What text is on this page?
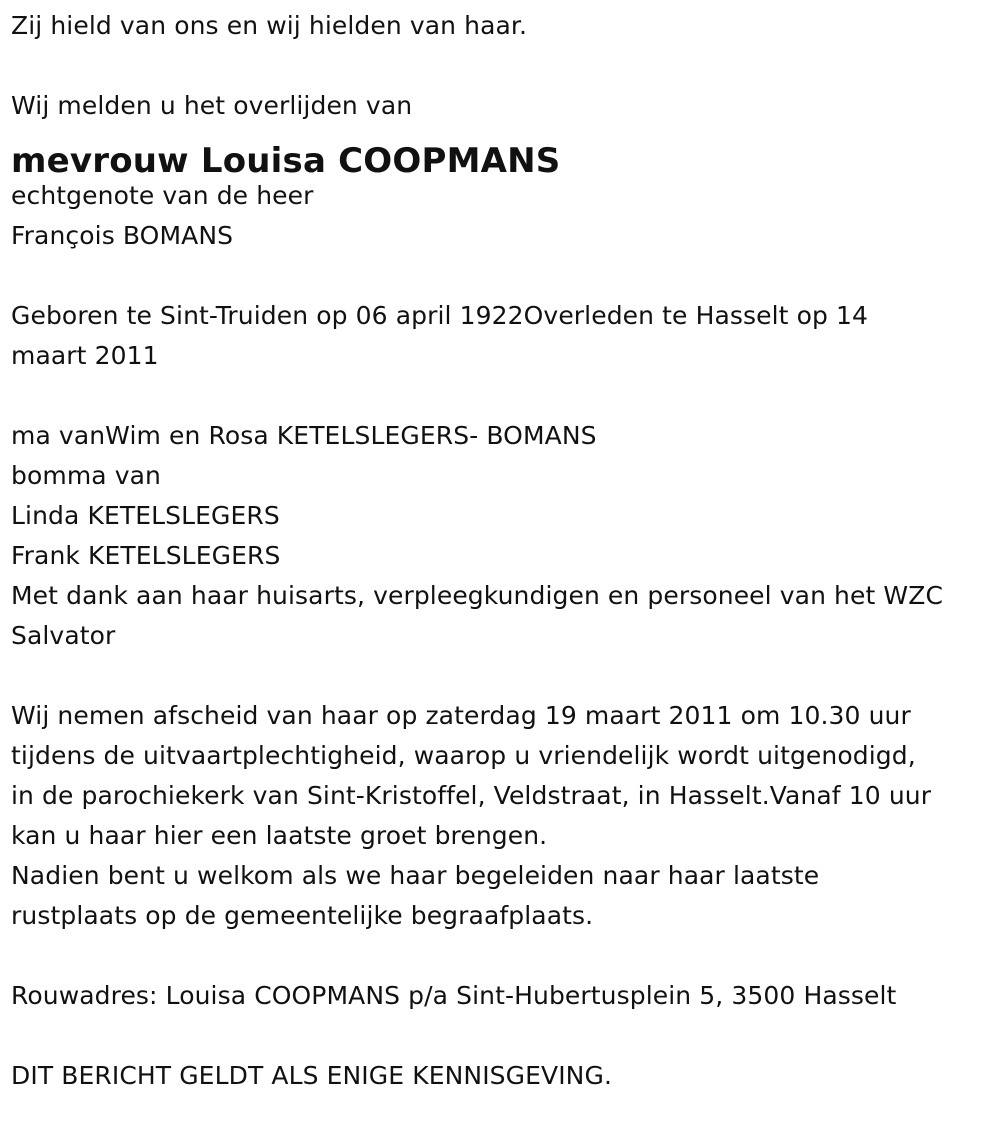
Zij hield van ons en wij hielden van haar.
Wij melden u het overlijden van
mevrouw Louisa COOPMANS
echtgenote van de heer
François BOMANS
Geboren te Sint-Truiden op 06 april 1922Overleden te Hasselt op 14
maart 2011
ma vanWim en Rosa KETELSLEGERS- BOMANS
bomma van
Linda KETELSLEGERS
Frank KETELSLEGERS
Met dank aan haar huisarts, verpleegkundigen en personeel van het WZC
Salvator
Wij nemen afscheid van haar op zaterdag 19 maart 2011 om 10.30 uur
tijdens de uitvaartplechtigheid, waarop u vriendelijk wordt uitgenodigd,
in de parochiekerk van Sint-Kristoffel, Veldstraat, in Hasselt.Vanaf 10 uur
kan u haar hier een laatste groet brengen.
Nadien bent u welkom als we haar begeleiden naar haar laatste
rustplaats op de gemeentelijke begraafplaats.
Rouwadres: Louisa COOPMANS p/a Sint-Hubertusplein 5, 3500 Hasselt
DIT BERICHT GELDT ALS ENIGE KENNISGEVING.
